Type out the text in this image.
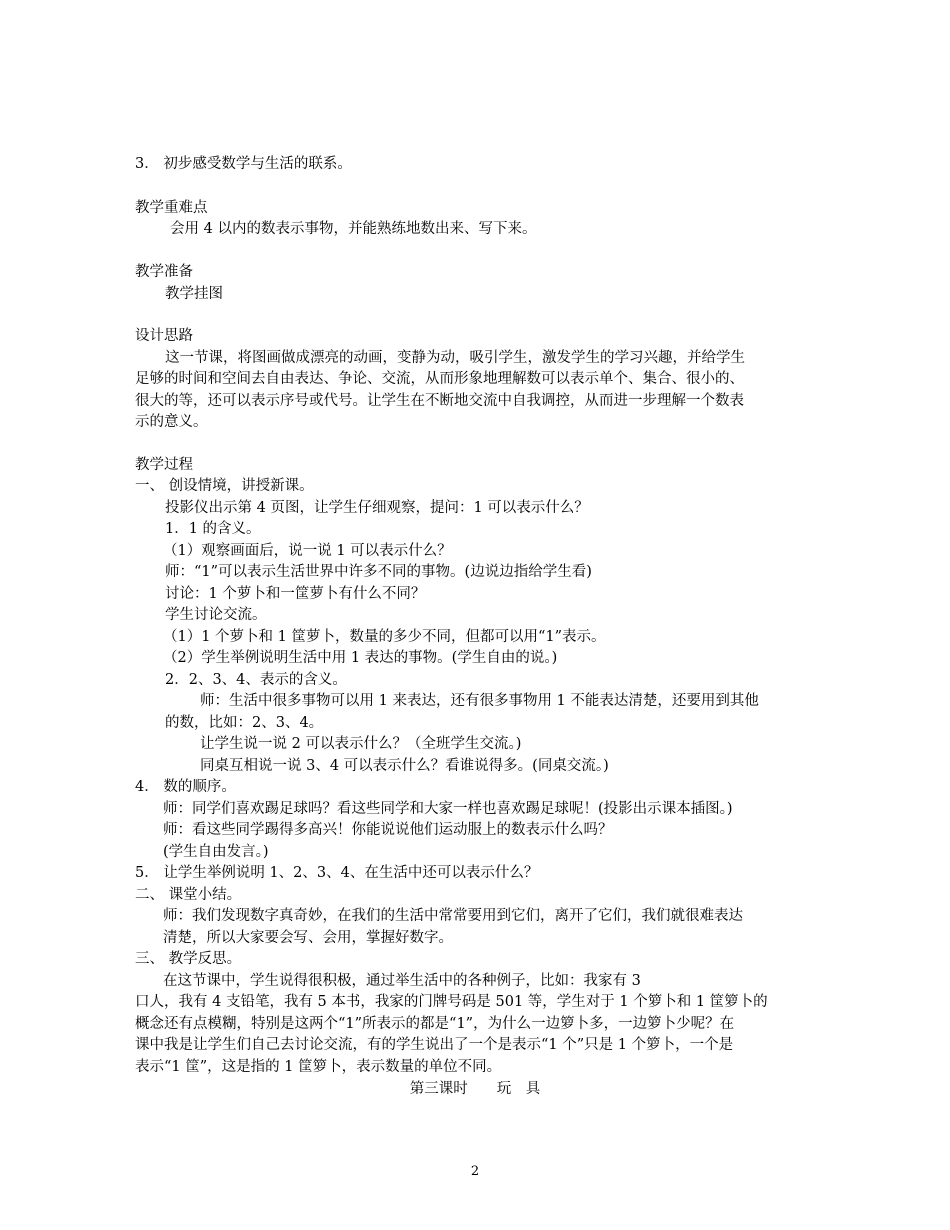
3． 初步感受数学与生活的联系。

教学重难点

会用 4 以内的数表示事物，并能熟练地数出来、写下来。

教学准备

教学挂图

设计思路

这一节课，将图画做成漂亮的动画，变静为动，吸引学生，激发学生的学习兴趣，并给学生

足够的时间和空间去自由表达、争论、交流，从而形象地理解数可以表示单个、集合、很小的、

很大的等，还可以表示序号或代号。让学生在不断地交流中自我调控，从而进一步理解一个数表

示的意义。

教学过程

一、 创设情境，讲授新课。

投影仪出示第 4 页图，让学生仔细观察，提问：1 可以表示什么？

1．1 的含义。

（1）观察画面后，说一说 1 可以表示什么？

师：“1”可以表示生活世界中许多不同的事物。(边说边指给学生看)

讨论：1 个萝卜和一筐萝卜有什么不同？

学生讨论交流。

（1）1 个萝卜和 1 筐萝卜，数量的多少不同，但都可以用“1”表示。

（2）学生举例说明生活中用 1 表达的事物。(学生自由的说。)

2．2、3、4、表示的含义。

师：生活中很多事物可以用 1 来表达，还有很多事物用 1 不能表达清楚，还要用到其他

的数，比如：2、3、4。

让学生说一说 2 可以表示什么？（全班学生交流。)

同桌互相说一说 3、4 可以表示什么？看谁说得多。(同桌交流。)

4． 数的顺序。

师：同学们喜欢踢足球吗？看这些同学和大家一样也喜欢踢足球呢！(投影出示课本插图。)

师：看这些同学踢得多高兴！你能说说他们运动服上的数表示什么吗？

(学生自由发言。)

5． 让学生举例说明 1、2、3、4、在生活中还可以表示什么？

二、 课堂小结。

师：我们发现数字真奇妙，在我们的生活中常常要用到它们，离开了它们，我们就很难表达

清楚，所以大家要会写、会用，掌握好数字。

三、 教学反思。

在这节课中，学生说得很积极，通过举生活中的各种例子，比如：我家有 3

口人，我有 4 支铅笔，我有 5 本书，我家的门牌号码是 501 等，学生对于 1 个箩卜和 1 筐箩卜的

概念还有点模糊，特别是这两个“1”所表示的都是“1”，为什么一边箩卜多，一边箩卜少呢？在

课中我是让学生们自己去讨论交流，有的学生说出了一个是表示“1 个”只是 1 个箩卜，一个是

表示“1 筐”，这是指的 1 筐箩卜，表示数量的单位不同。

第三课时　　玩　具

2
